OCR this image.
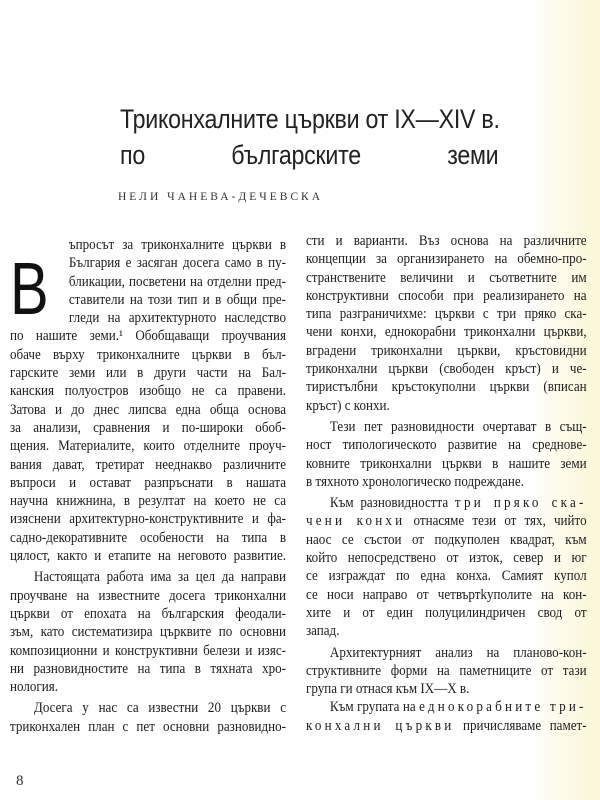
Триконхалните църкви от IX—XIV в.
по българските земи
НЕЛИ ЧАНЕВА-ДЕЧЕВСКА
В
ъпросът за триконхалните църкви в
България е засяган досега само в пу-
бликации, посветени на отделни пред-
ставители на този тип и в общи пре-
гледи на архитектурното наследство
по нашите земи.¹ Обобщаващи проучвания
обаче върху триконхалните църкви в бъл-
гарските земи или в други части на Бал-
канския полуостров изобщо не са правени.
Затова и до днес липсва една обща основа
за анализи, сравнения и по-широки обоб-
щения. Материалите, които отделните проуч-
вания дават, третират нееднакво различните
въпроси и остават разпръснати в нашата
научна книжнина, в резултат на което не са
изяснени архитектурно-конструктивните и фа-
садно-декоративните особености на типа в
цялост, както и етапите на неговото развитие.
Настоящата работа има за цел да направи
проучване на известните досега триконхални
църкви от епохата на българския феодали-
зъм, като систематизира църквите по основни
композиционни и конструктивни белези и изяс-
ни разновидностите на типа в тяхната хро-
нология.
Досега у нас са известни 20 църкви с
триконхален план с пет основни разновидно-
сти и варианти. Въз основа на различните
концепции за организирането на обемно-про-
странствените величини и съответните им
конструктивни способи при реализирането на
типа разграничихме: църкви с три пряко ска-
чени конхи, еднокорабни триконхални църкви,
вградени триконхални църкви, кръстовидни
триконхални църкви (свободен кръст) и че-
тиристълбни кръстокуполни църкви (вписан
кръст) с конхи.
Тези пет разновидности очертават в същ-
ност типологическото развитие на средновe-
ковните триконхални църкви в нашите земи
в тяхното хронологическо подреждане.
Към разновидността три пряко ска-
чени конхи отнасяме тези от тях, чийто
наос се състои от подкуполен квадрат, към
който непосредствено от изток, север и юг
се изграждат по една конха. Самият купол
се носи направо от четвъртkуполите на кон-
хите и от един полуцилиндричен свод от
запад.
Архитектурният анализ на планово-кон-
структивните форми на паметниците от тази
група ги отнася към IX—X в.
Към групата на еднокорабните три-
конхални църкви причисляваме памет-
8
